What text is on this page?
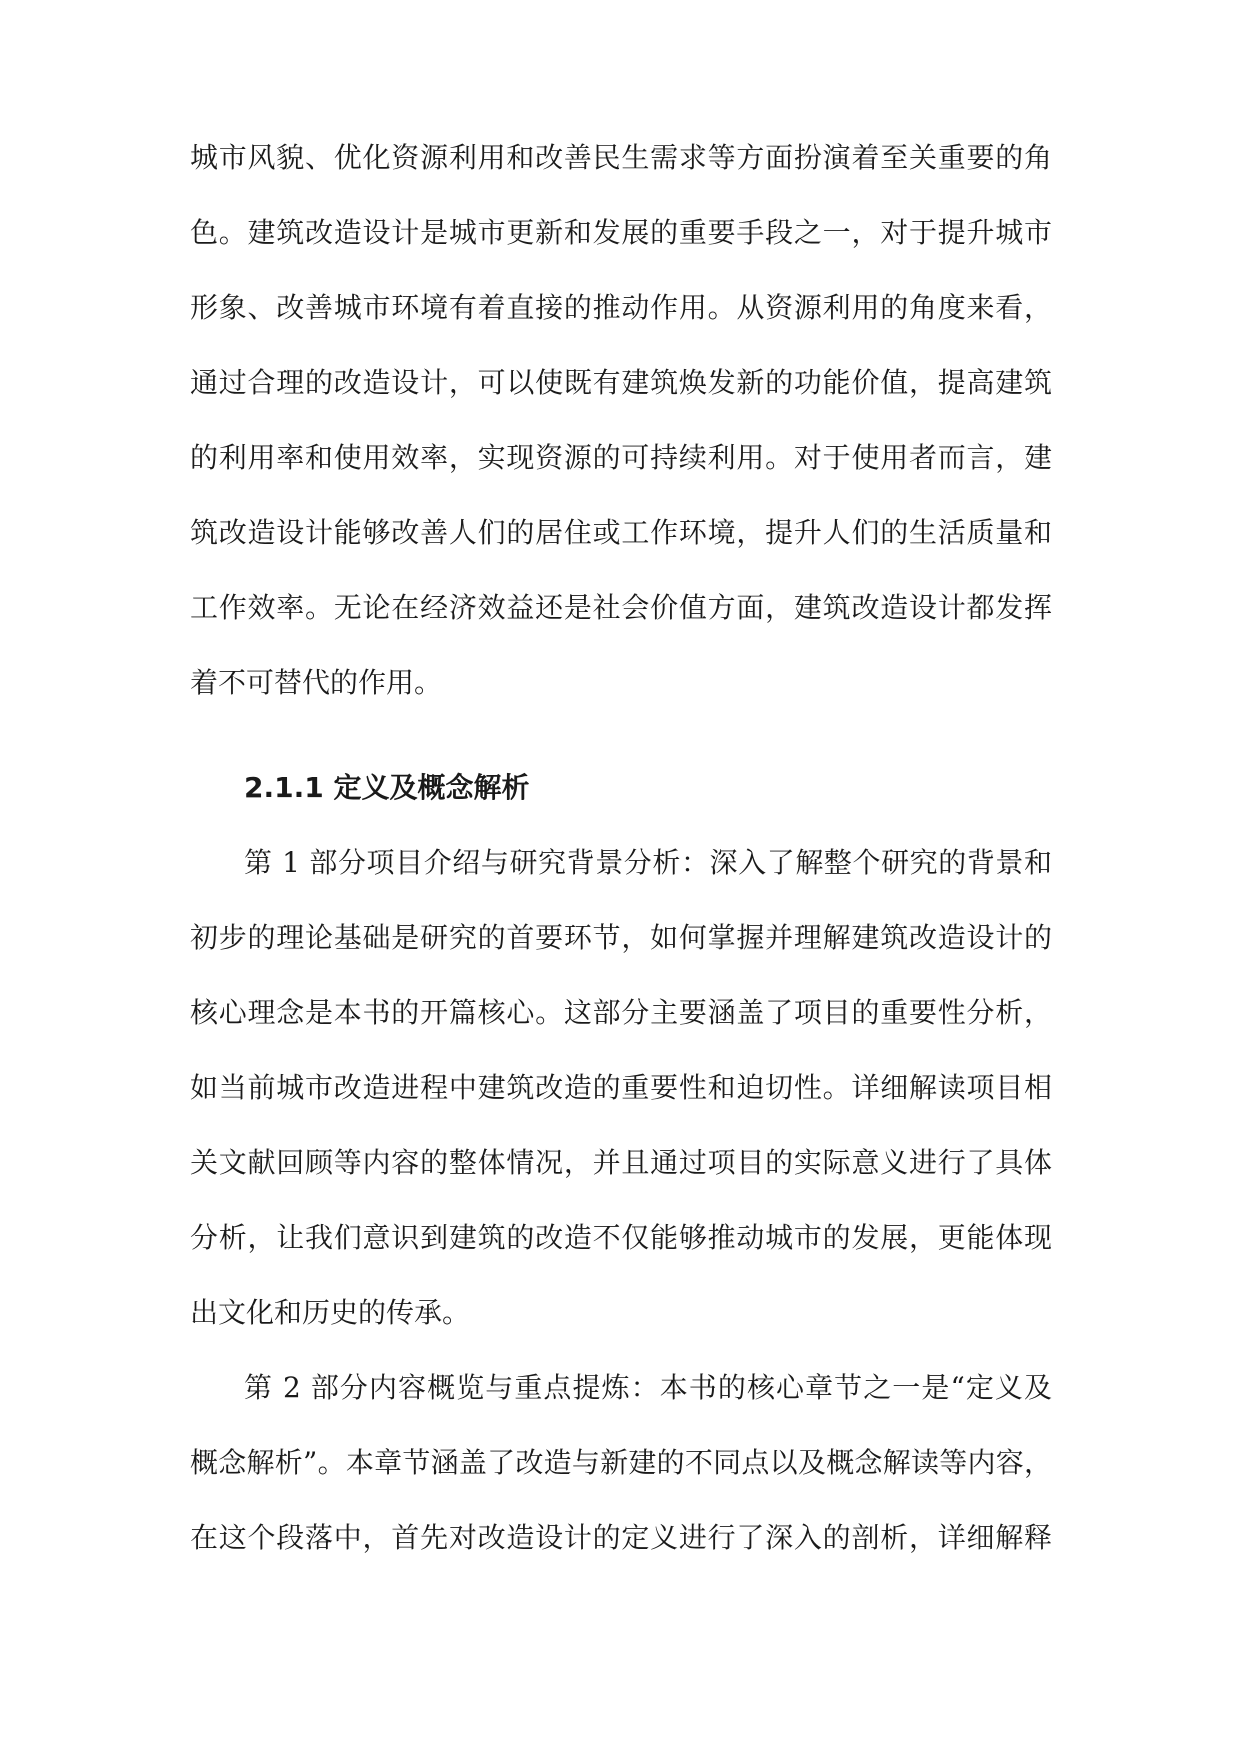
城市风貌、优化资源利用和改善民生需求等方面扮演着至关重要的角
色。建筑改造设计是城市更新和发展的重要手段之一，对于提升城市
形象、改善城市环境有着直接的推动作用。从资源利用的角度来看，
通过合理的改造设计，可以使既有建筑焕发新的功能价值，提高建筑
的利用率和使用效率，实现资源的可持续利用。对于使用者而言，建
筑改造设计能够改善人们的居住或工作环境，提升人们的生活质量和
工作效率。无论在经济效益还是社会价值方面，建筑改造设计都发挥
着不可替代的作用。
2.1.1 定义及概念解析
第 1 部分项目介绍与研究背景分析：深入了解整个研究的背景和
初步的理论基础是研究的首要环节，如何掌握并理解建筑改造设计的
核心理念是本书的开篇核心。这部分主要涵盖了项目的重要性分析，
如当前城市改造进程中建筑改造的重要性和迫切性。详细解读项目相
关文献回顾等内容的整体情况，并且通过项目的实际意义进行了具体
分析，让我们意识到建筑的改造不仅能够推动城市的发展，更能体现
出文化和历史的传承。
第 2 部分内容概览与重点提炼：本书的核心章节之一是“定义及
概念解析”。本章节涵盖了改造与新建的不同点以及概念解读等内容，
在这个段落中，首先对改造设计的定义进行了深入的剖析，详细解释
